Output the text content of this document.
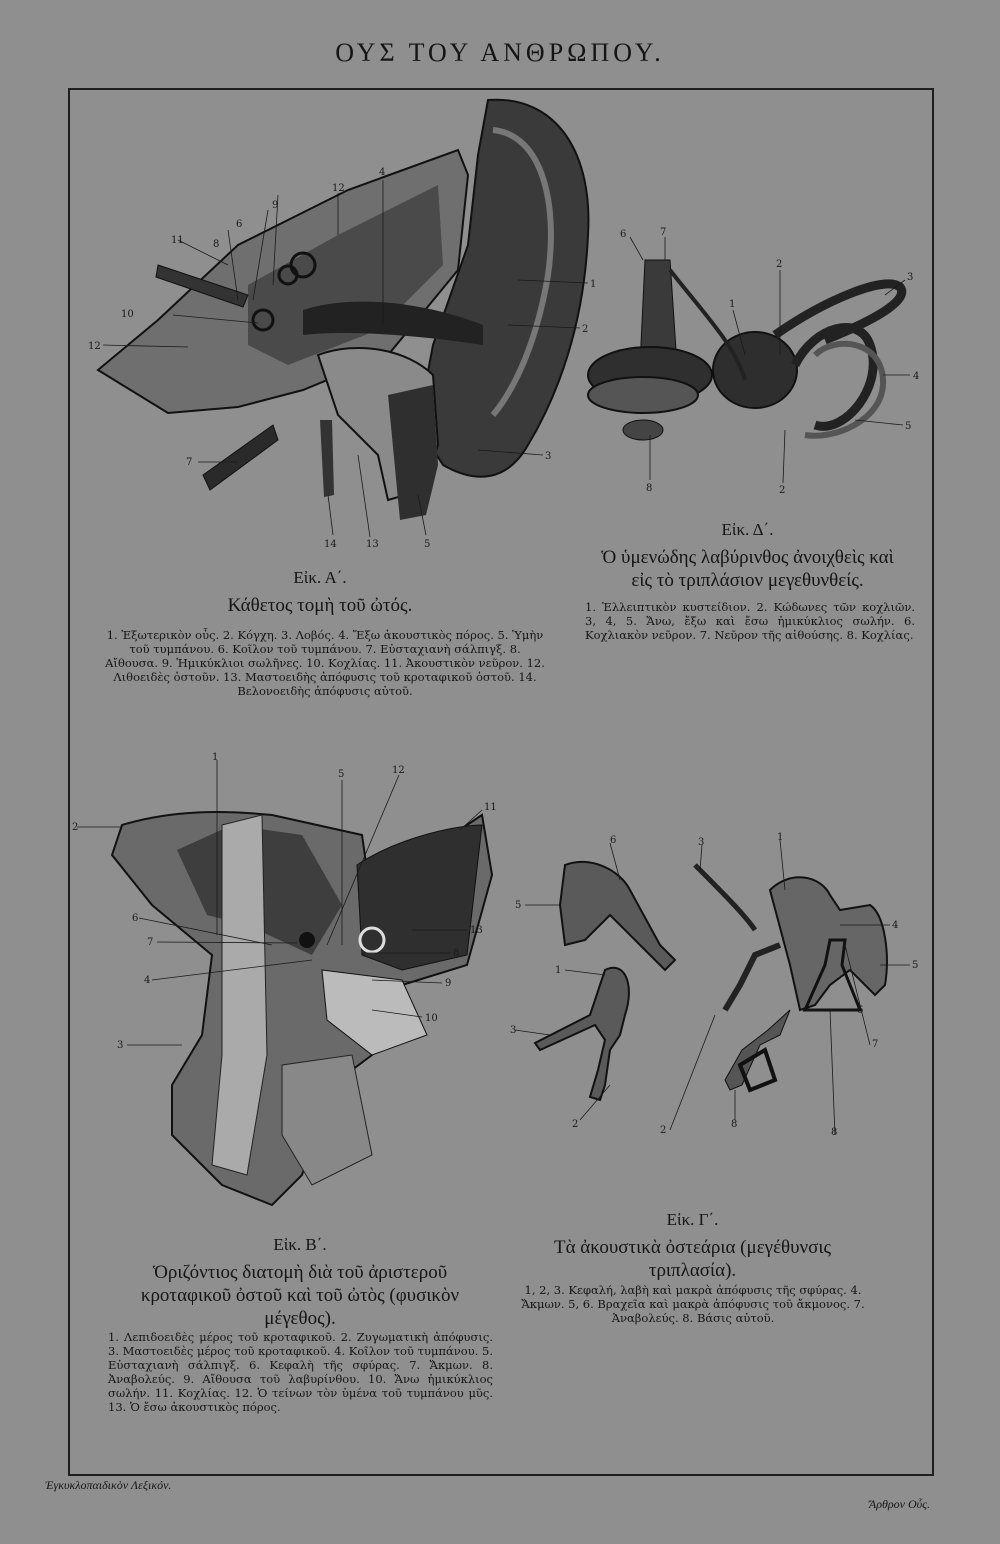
ΟΥΣ ΤΟΥ ΑΝΘΡΩΠΟΥ.
1
2
3
4
5
6
7
8
9
10
11
12
12
13
14
Εἰκ. Α΄.
Κάθετος τομὴ τοῦ ὠτός.
1. Ἐξωτερικὸν οὖς. 2. Κόγχη. 3. Λοβός. 4. Ἔξω ἀκουστικὸς πόρος. 5. Ὑμὴν τοῦ τυμπάνου. 6. Κοῖλον τοῦ τυμπάνου. 7. Εὐσταχιανὴ σάλπιγξ. 8. Αἴθουσα. 9. Ἡμικύκλιοι σωλῆνες. 10. Κοχλίας. 11. Ἀκουστικὸν νεῦρον. 12. Λιθοειδὲς ὀστοῦν. 13. Μαστοειδὴς ἀπόφυσις τοῦ κροταφικοῦ ὀστοῦ. 14. Βελονοειδὴς ἀπόφυσις αὐτοῦ.
6	7
2
3
1
4
5
8	2
Εἰκ. Δ΄.
Ὁ ὑμενώδης λαβύρινθος ἀνοιχθεὶς καὶ
εἰς τὸ τριπλάσιον μεγεθυνθείς.
1. Ἐλλειπτικὸν κυστείδιον. 2. Κώδωνες τῶν κοχλιῶν. 3, 4, 5. Ἄνω, ἔξω καὶ ἔσω ἡμικύκλιος σωλήν. 6. Κοχλιακὸν νεῦρον. 7. Νεῦρον τῆς αἰθούσης. 8. Κοχλίας.
1
5	12
11
2
6
7
4
13
8
9
10
3
Εἰκ. Β΄.
Ὁριζόντιος διατομὴ διὰ τοῦ ἀριστεροῦ
κροταφικοῦ ὀστοῦ καὶ τοῦ ὠτὸς (φυσικὸν
μέγεθος).
1. Λεπιδοειδὲς μέρος τοῦ κροταφικοῦ. 2. Ζυγωματικὴ ἀπόφυσις. 3. Μαστοειδὲς μέρος τοῦ κροταφικοῦ. 4. Κοῖλον τοῦ τυμπάνου. 5. Εὐσταχιανὴ σάλπιγξ. 6. Κεφαλὴ τῆς σφύρας. 7. Ἄκμων. 8. Ἀναβολεύς. 9. Αἴθουσα τοῦ λαβυρίνθου. 10. Ἄνω ἡμικύκλιος σωλήν. 11. Κοχλίας. 12. Ὁ τείνων τὸν ὑμένα τοῦ τυμπάνου μῦς. 13. Ὁ ἔσω ἀκουστικὸς πόρος.
6	3
1
5
4
5
1
3
6
2
2
8
7
8
Εἰκ. Γ΄.
Τὰ ἀκουστικὰ ὀστεάρια (μεγέθυνσις
τριπλασία).
1, 2, 3. Κεφαλή, λαβὴ καὶ μακρὰ ἀπόφυσις τῆς σφύρας. 4. Ἄκμων. 5, 6. Βραχεῖα καὶ μακρὰ ἀπόφυσις τοῦ ἄκμονος. 7. Ἀναβολεύς. 8. Βάσις αὐτοῦ.
Ἐγκυκλοπαιδικὸν Λεξικόν.
Ἄρθρον Οὖς.
